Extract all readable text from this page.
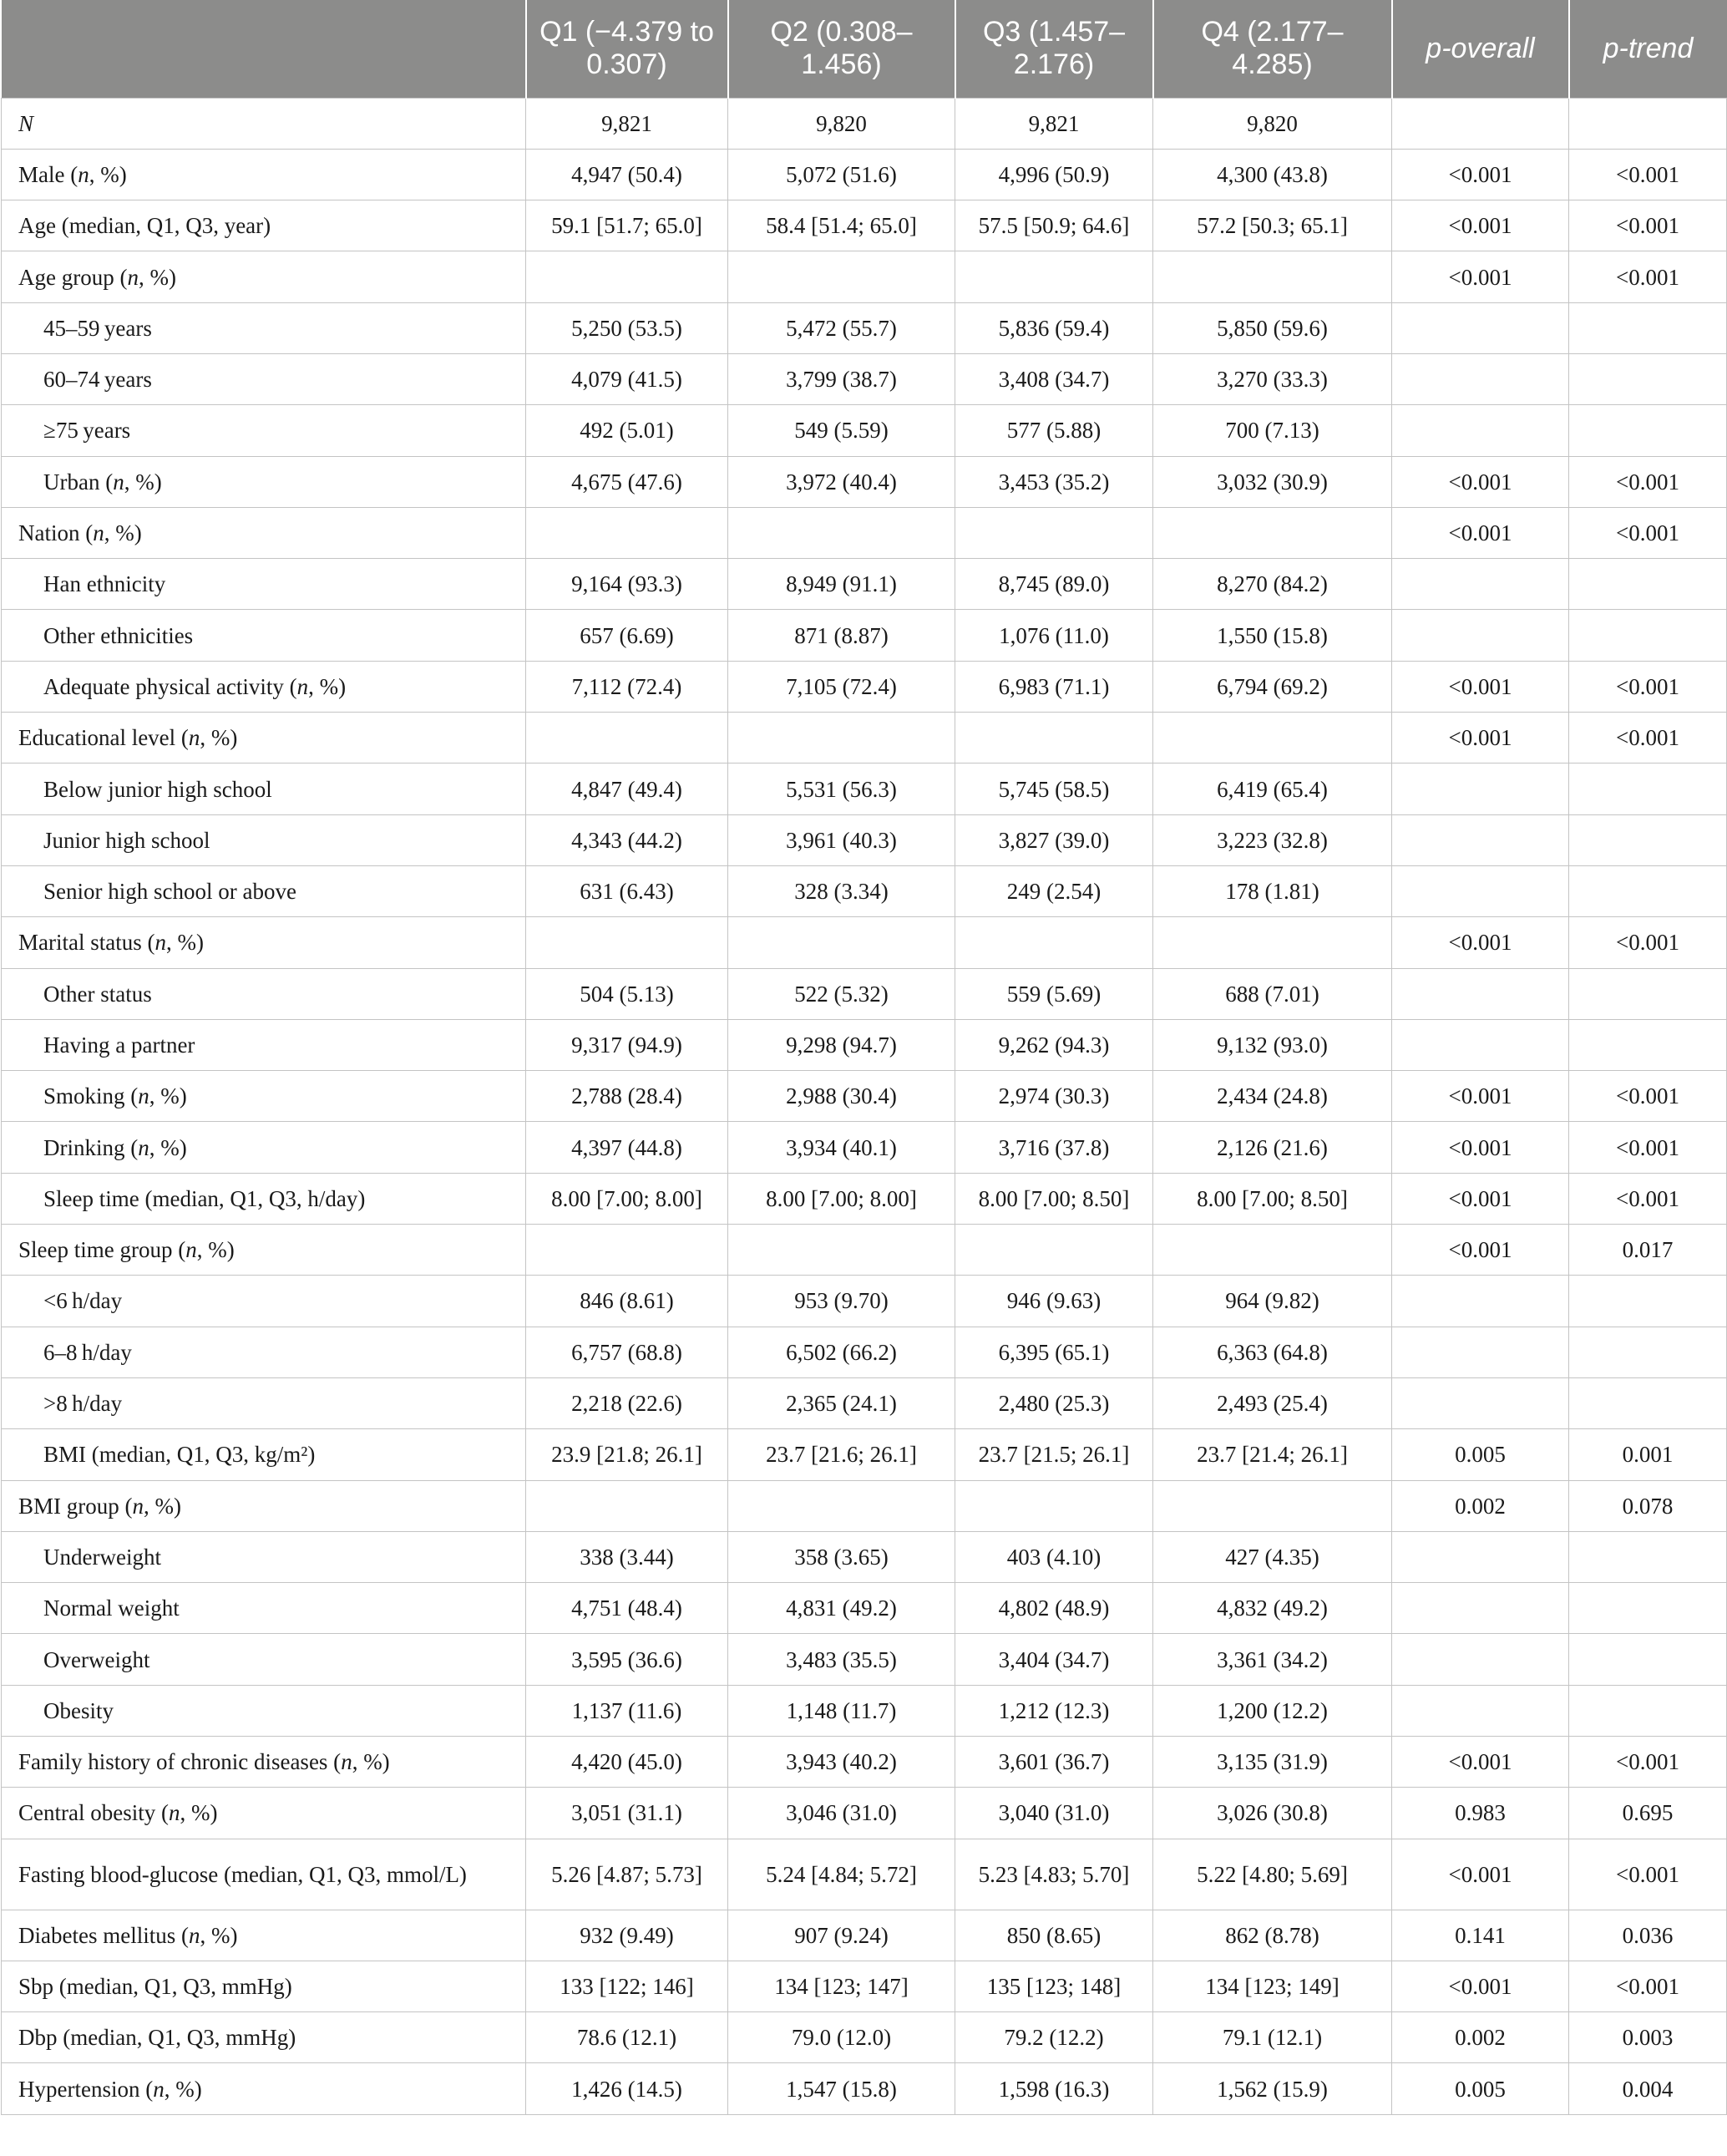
	Q1 (−4.379 to 0.307)	Q2 (0.308–1.456)	Q3 (1.457–2.176)	Q4 (2.177–4.285)	p-overall	p-trend
N	9,821	9,820	9,821	9,820		
Male (n, %)	4,947 (50.4)	5,072 (51.6)	4,996 (50.9)	4,300 (43.8)	<0.001	<0.001
Age (median, Q1, Q3, year)	59.1 [51.7; 65.0]	58.4 [51.4; 65.0]	57.5 [50.9; 64.6]	57.2 [50.3; 65.1]	<0.001	<0.001
Age group (n, %)					<0.001	<0.001
45–59 years	5,250 (53.5)	5,472 (55.7)	5,836 (59.4)	5,850 (59.6)		
60–74 years	4,079 (41.5)	3,799 (38.7)	3,408 (34.7)	3,270 (33.3)		
≥75 years	492 (5.01)	549 (5.59)	577 (5.88)	700 (7.13)		
Urban (n, %)	4,675 (47.6)	3,972 (40.4)	3,453 (35.2)	3,032 (30.9)	<0.001	<0.001
Nation (n, %)					<0.001	<0.001
Han ethnicity	9,164 (93.3)	8,949 (91.1)	8,745 (89.0)	8,270 (84.2)		
Other ethnicities	657 (6.69)	871 (8.87)	1,076 (11.0)	1,550 (15.8)		
Adequate physical activity (n, %)	7,112 (72.4)	7,105 (72.4)	6,983 (71.1)	6,794 (69.2)	<0.001	<0.001
Educational level (n, %)					<0.001	<0.001
Below junior high school	4,847 (49.4)	5,531 (56.3)	5,745 (58.5)	6,419 (65.4)		
Junior high school	4,343 (44.2)	3,961 (40.3)	3,827 (39.0)	3,223 (32.8)		
Senior high school or above	631 (6.43)	328 (3.34)	249 (2.54)	178 (1.81)		
Marital status (n, %)					<0.001	<0.001
Other status	504 (5.13)	522 (5.32)	559 (5.69)	688 (7.01)		
Having a partner	9,317 (94.9)	9,298 (94.7)	9,262 (94.3)	9,132 (93.0)		
Smoking (n, %)	2,788 (28.4)	2,988 (30.4)	2,974 (30.3)	2,434 (24.8)	<0.001	<0.001
Drinking (n, %)	4,397 (44.8)	3,934 (40.1)	3,716 (37.8)	2,126 (21.6)	<0.001	<0.001
Sleep time (median, Q1, Q3, h/day)	8.00 [7.00; 8.00]	8.00 [7.00; 8.00]	8.00 [7.00; 8.50]	8.00 [7.00; 8.50]	<0.001	<0.001
Sleep time group (n, %)					<0.001	0.017
<6 h/day	846 (8.61)	953 (9.70)	946 (9.63)	964 (9.82)		
6–8 h/day	6,757 (68.8)	6,502 (66.2)	6,395 (65.1)	6,363 (64.8)		
>8 h/day	2,218 (22.6)	2,365 (24.1)	2,480 (25.3)	2,493 (25.4)		
BMI (median, Q1, Q3, kg/m²)	23.9 [21.8; 26.1]	23.7 [21.6; 26.1]	23.7 [21.5; 26.1]	23.7 [21.4; 26.1]	0.005	0.001
BMI group (n, %)					0.002	0.078
Underweight	338 (3.44)	358 (3.65)	403 (4.10)	427 (4.35)		
Normal weight	4,751 (48.4)	4,831 (49.2)	4,802 (48.9)	4,832 (49.2)		
Overweight	3,595 (36.6)	3,483 (35.5)	3,404 (34.7)	3,361 (34.2)		
Obesity	1,137 (11.6)	1,148 (11.7)	1,212 (12.3)	1,200 (12.2)		
Family history of chronic diseases (n, %)	4,420 (45.0)	3,943 (40.2)	3,601 (36.7)	3,135 (31.9)	<0.001	<0.001
Central obesity (n, %)	3,051 (31.1)	3,046 (31.0)	3,040 (31.0)	3,026 (30.8)	0.983	0.695
Fasting blood-glucose (median, Q1, Q3, mmol/L)	5.26 [4.87; 5.73]	5.24 [4.84; 5.72]	5.23 [4.83; 5.70]	5.22 [4.80; 5.69]	<0.001	<0.001
Diabetes mellitus (n, %)	932 (9.49)	907 (9.24)	850 (8.65)	862 (8.78)	0.141	0.036
Sbp (median, Q1, Q3, mmHg)	133 [122; 146]	134 [123; 147]	135 [123; 148]	134 [123; 149]	<0.001	<0.001
Dbp (median, Q1, Q3, mmHg)	78.6 (12.1)	79.0 (12.0)	79.2 (12.2)	79.1 (12.1)	0.002	0.003
Hypertension (n, %)	1,426 (14.5)	1,547 (15.8)	1,598 (16.3)	1,562 (15.9)	0.005	0.004
